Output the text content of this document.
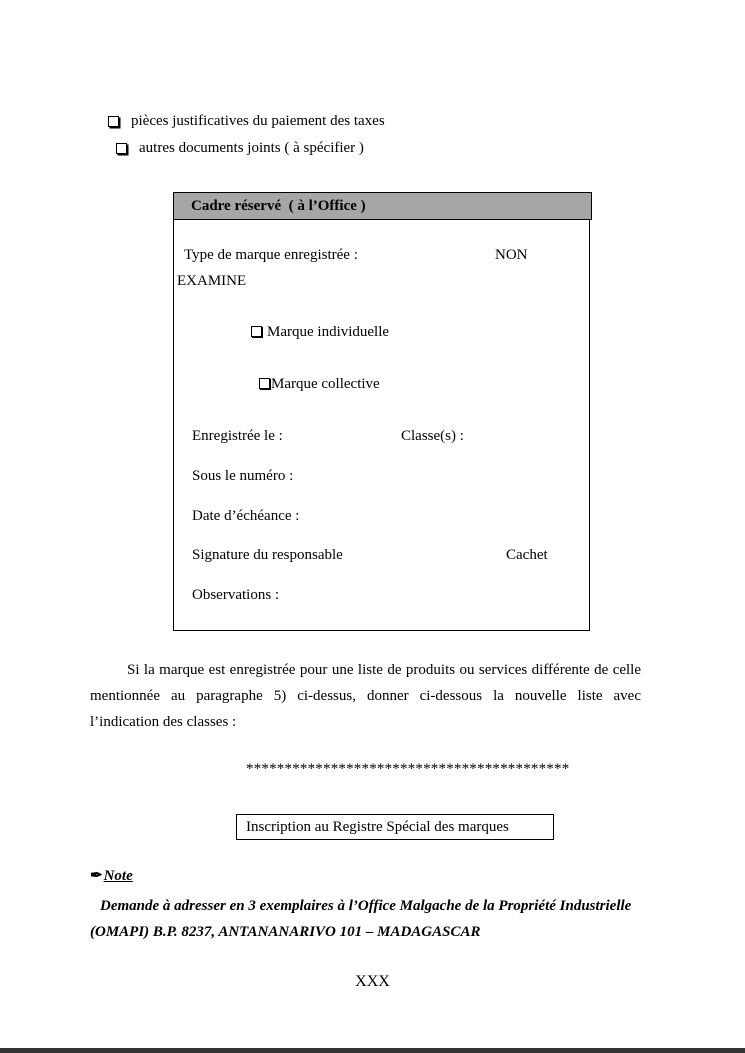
pièces justificatives du paiement des taxes
autres documents joints ( à spécifier )
Cadre réservé  ( à l’Office )
Type de marque enregistrée :	NON
EXAMINE
Marque individuelle
Marque collective
Enregistrée le :	Classe(s) :
Sous le numéro :
Date d’échéance :
Signature du responsable	Cachet
Observations :
Si la marque est enregistrée pour une liste de produits ou services différente de celle mentionnée au paragraphe 5) ci-dessus, donner ci-dessous la nouvelle liste avec l’indication des classes :
******************************************
Inscription au Registre Spécial des marques
✒Note
Demande à adresser en 3 exemplaires à l’Office Malgache de la Propriété Industrielle (OMAPI) B.P. 8237, ANTANANARIVO 101 – MADAGASCAR
XXX
